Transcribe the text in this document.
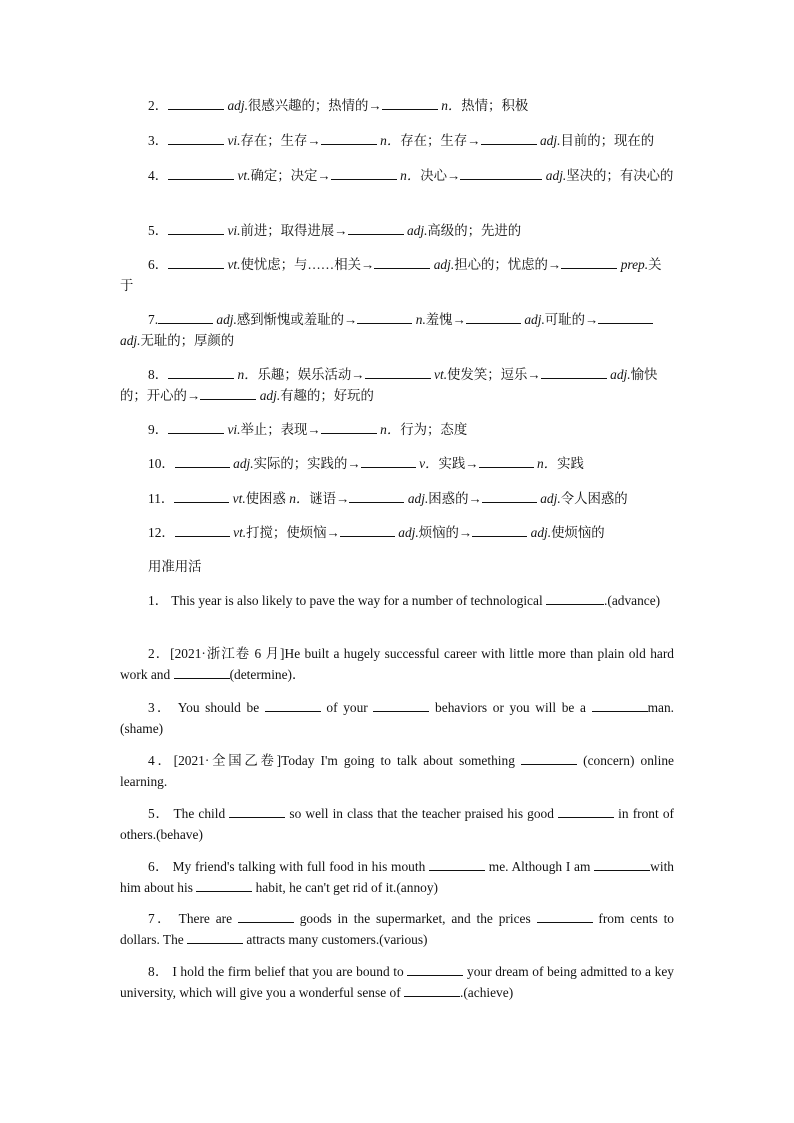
2．	adj.很感兴趣的；热情的→	n．热情；积极
3．	vi.存在；生存→	n．存在；生存→	adj.目前的；现在的
4．	vt.确定；决定→	n．决心→	adj.坚决的；有决心的
5．	vi.前进；取得进展→	adj.高级的；先进的
6．	vt.使忧虑；与……相关→	adj.担心的；忧虑的→	prep.关于
7.	adj.感到惭愧或羞耻的→	n.羞愧→	adj.可耻的→ adj.无耻的；厚颜的
8．	n．乐趣；娱乐活动→	vt.使发笑；逗乐→	adj.愉快的；开心的→	adj.有趣的；好玩的
9．	vi.举止；表现→	n．行为；态度
10．	adj.实际的；实践的→	v．实践→	n．实践
11．	vt.使困惑 n．谜语→	adj.困惑的→	adj.令人困惑的
12．	vt.打搅；使烦恼→	adj.烦恼的→	adj.使烦恼的
用准用活
1． This year is also likely to pave the way for a number of technological	.(advance)
2．[2021·浙江卷 6 月]He built a hugely successful career with little more than plain old hard work and	(determine)．
3． You should be	of your	behaviors or you will be a	man.(shame)
4．[2021·全国乙卷]Today I'm going to talk about something	(concern) online learning.
5． The child	so well in class that the teacher praised his good	in front of others.(behave)
6． My friend's talking with full food in his mouth	me. Although I am	with him about his	habit, he can't get rid of it.(annoy)
7． There are	goods in the supermarket, and the prices	from cents to dollars. The	attracts many customers.(various)
8． I hold the firm belief that you are bound to	your dream of being admitted to a key university, which will give you a wonderful sense of	.(achieve)
